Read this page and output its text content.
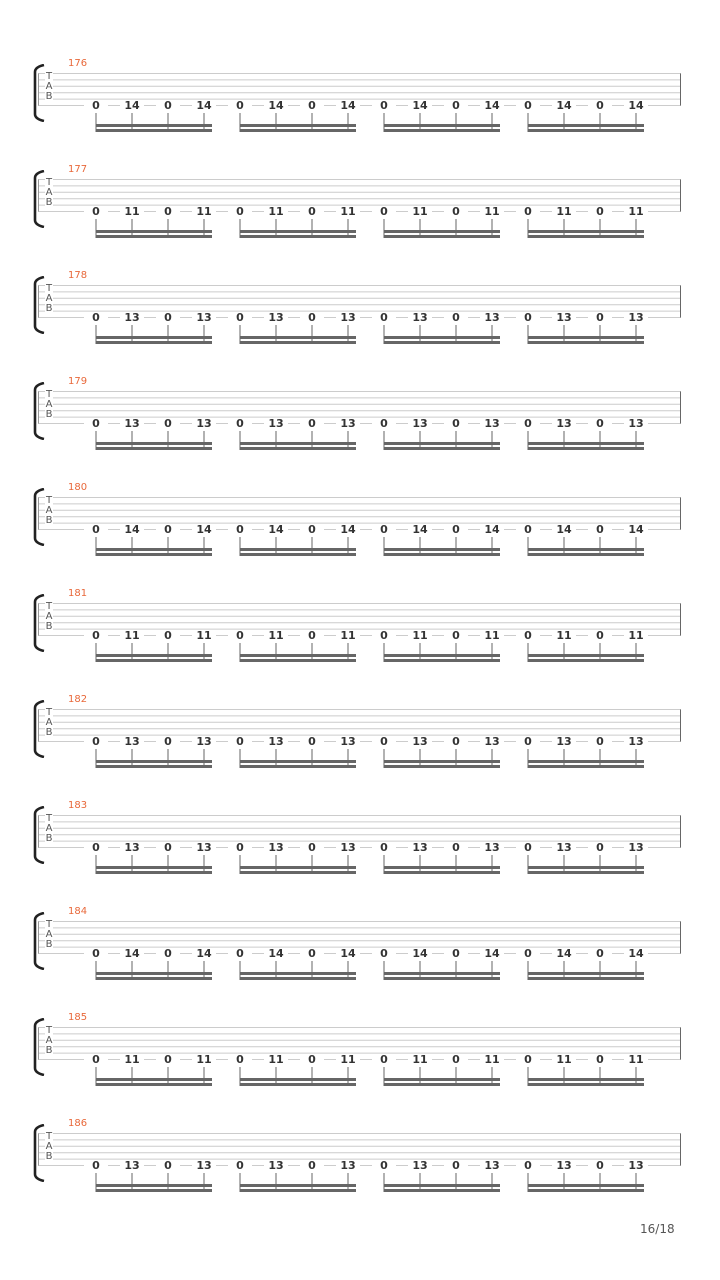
176
T
A
B
0	14	0	14	0	14	0	14	0	14	0	14	0	14	0	14
177
T
A
B
0	11	0	11	0	11	0	11	0	11	0	11	0	11	0	11
178
T
A
B
0	13	0	13	0	13	0	13	0	13	0	13	0	13	0	13
179
T
A
B
0	13	0	13	0	13	0	13	0	13	0	13	0	13	0	13
180
T
A
B
0	14	0	14	0	14	0	14	0	14	0	14	0	14	0	14
181
T
A
B
0	11	0	11	0	11	0	11	0	11	0	11	0	11	0	11
182
T
A
B
0	13	0	13	0	13	0	13	0	13	0	13	0	13	0	13
183
T
A
B
0	13	0	13	0	13	0	13	0	13	0	13	0	13	0	13
184
T
A
B
0	14	0	14	0	14	0	14	0	14	0	14	0	14	0	14
185
T
A
B
0	11	0	11	0	11	0	11	0	11	0	11	0	11	0	11
186
T
A
B
0	13	0	13	0	13	0	13	0	13	0	13	0	13	0	13
16/18
